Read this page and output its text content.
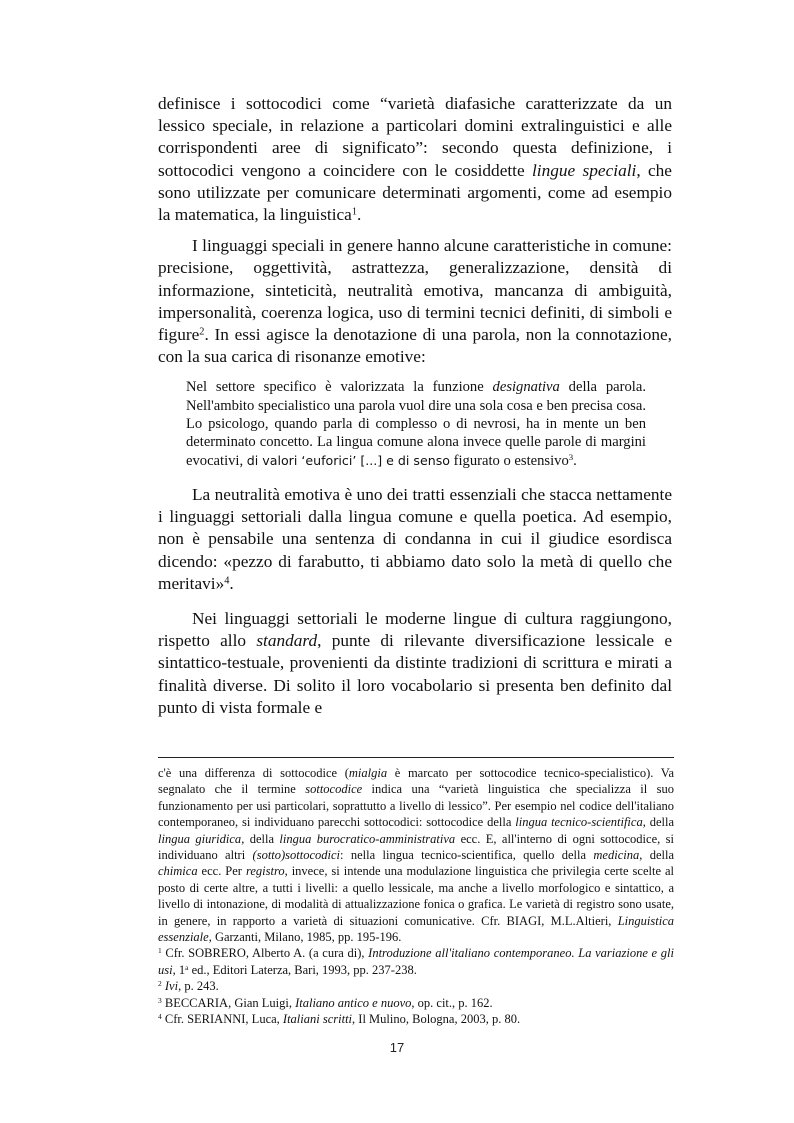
definisce i sottocodici come “varietà diafasiche caratterizzate da un lessico speciale, in relazione a particolari domini extralinguistici e alle corrispondenti aree di significato”: secondo questa definizione, i sottocodici vengono a coincidere con le cosiddette lingue speciali, che sono utilizzate per comunicare determinati argomenti, come ad esempio la matematica, la linguistica$^1$.

I linguaggi speciali in genere hanno alcune caratteristiche in comune: precisione, oggettività, astrattezza, generalizzazione, densità di informazione, sinteticità, neutralità emotiva, mancanza di ambiguità, impersonalità, coerenza logica, uso di termini tecnici definiti, di simboli e figure$^2$. In essi agisce la denotazione di una parola, non la connotazione, con la sua carica di risonanze emotive:

Nel settore specifico è valorizzata la funzione designativa della parola. Nell'ambito specialistico una parola vuol dire una sola cosa e ben precisa cosa. Lo psicologo, quando parla di complesso o di nevrosi, ha in mente un ben determinato concetto. La lingua comune alona invece quelle parole di margini evocativi, di valori ‘euforici’ [...] e di senso figurato o estensivo$^3$.

La neutralità emotiva è uno dei tratti essenziali che stacca nettamente i linguaggi settoriali dalla lingua comune e quella poetica. Ad esempio, non è pensabile una sentenza di condanna in cui il giudice esordisca dicendo: «pezzo di farabutto, ti abbiamo dato solo la metà di quello che meritavi»$^4$.

Nei linguaggi settoriali le moderne lingue di cultura raggiungono, rispetto allo standard, punte di rilevante diversificazione lessicale e sintattico-testuale, provenienti da distinte tradizioni di scrittura e mirati a finalità diverse. Di solito il loro vocabolario si presenta ben definito dal punto di vista formale e

c'è una differenza di sottocodice (mialgia è marcato per sottocodice tecnico-specialistico). Va segnalato che il termine sottocodice indica una “varietà linguistica che specializza il suo funzionamento per usi particolari, soprattutto a livello di lessico”. Per esempio nel codice dell'italiano contemporaneo, si individuano parecchi sottocodici: sottocodice della lingua tecnico-scientifica, della lingua giuridica, della lingua burocratico-amministrativa ecc. E, all'interno di ogni sottocodice, si individuano altri (sotto)sottocodici: nella lingua tecnico-scientifica, quello della medicina, della chimica ecc. Per registro, invece, si intende una modulazione linguistica che privilegia certe scelte al posto di certe altre, a tutti i livelli: a quello lessicale, ma anche a livello morfologico e sintattico, a livello di intonazione, di modalità di attualizzazione fonica o grafica. Le varietà di registro sono usate, in genere, in rapporto a varietà di situazioni comunicative. Cfr. BIAGI, M.L.Altieri, Linguistica essenziale, Garzanti, Milano, 1985, pp. 195-196.

$^1$ Cfr. SOBRERO, Alberto A. (a cura di), Introduzione all'italiano contemporaneo. La variazione e gli usi, 1$^a$ ed., Editori Laterza, Bari, 1993, pp. 237-238.

$^2$ Ivi, p. 243.

$^3$ BECCARIA, Gian Luigi, Italiano antico e nuovo, op. cit., p. 162.

$^4$ Cfr. SERIANNI, Luca, Italiani scritti, Il Mulino, Bologna, 2003, p. 80.

17
